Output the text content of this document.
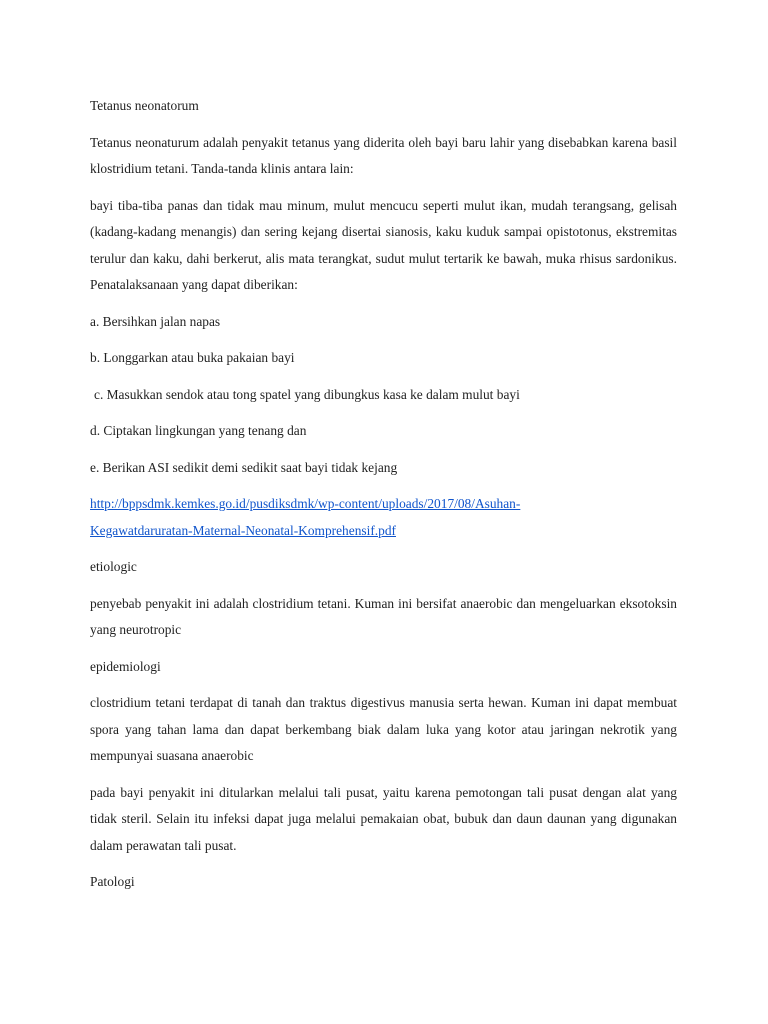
Tetanus neonatorum

Tetanus neonaturum adalah penyakit tetanus yang diderita oleh bayi baru lahir yang disebabkan karena basil klostridium tetani. Tanda-tanda klinis antara lain:

bayi tiba-tiba panas dan tidak mau minum, mulut mencucu seperti mulut ikan, mudah terangsang, gelisah (kadang-kadang menangis) dan sering kejang disertai sianosis, kaku kuduk sampai opistotonus, ekstremitas terulur dan kaku, dahi berkerut, alis mata terangkat, sudut mulut tertarik ke bawah, muka rhisus sardonikus. Penatalaksanaan yang dapat diberikan:

a. Bersihkan jalan napas

b. Longgarkan atau buka pakaian bayi

c. Masukkan sendok atau tong spatel yang dibungkus kasa ke dalam mulut bayi

d. Ciptakan lingkungan yang tenang dan

e. Berikan ASI sedikit demi sedikit saat bayi tidak kejang

http://bppsdmk.kemkes.go.id/pusdiksdmk/wp-content/uploads/2017/08/Asuhan-
Kegawatdaruratan-Maternal-Neonatal-Komprehensif.pdf

etiologic

penyebab penyakit ini adalah clostridium tetani. Kuman ini bersifat anaerobic dan mengeluarkan eksotoksin yang neurotropic

epidemiologi

clostridium tetani terdapat di tanah dan traktus digestivus manusia serta hewan. Kuman ini dapat membuat spora yang tahan lama dan dapat berkembang biak dalam luka yang kotor atau jaringan nekrotik yang mempunyai suasana anaerobic

pada bayi penyakit ini ditularkan melalui tali pusat, yaitu karena pemotongan tali pusat dengan alat yang tidak steril. Selain itu infeksi dapat juga melalui pemakaian obat, bubuk dan daun daunan yang digunakan dalam perawatan tali pusat.

Patologi
